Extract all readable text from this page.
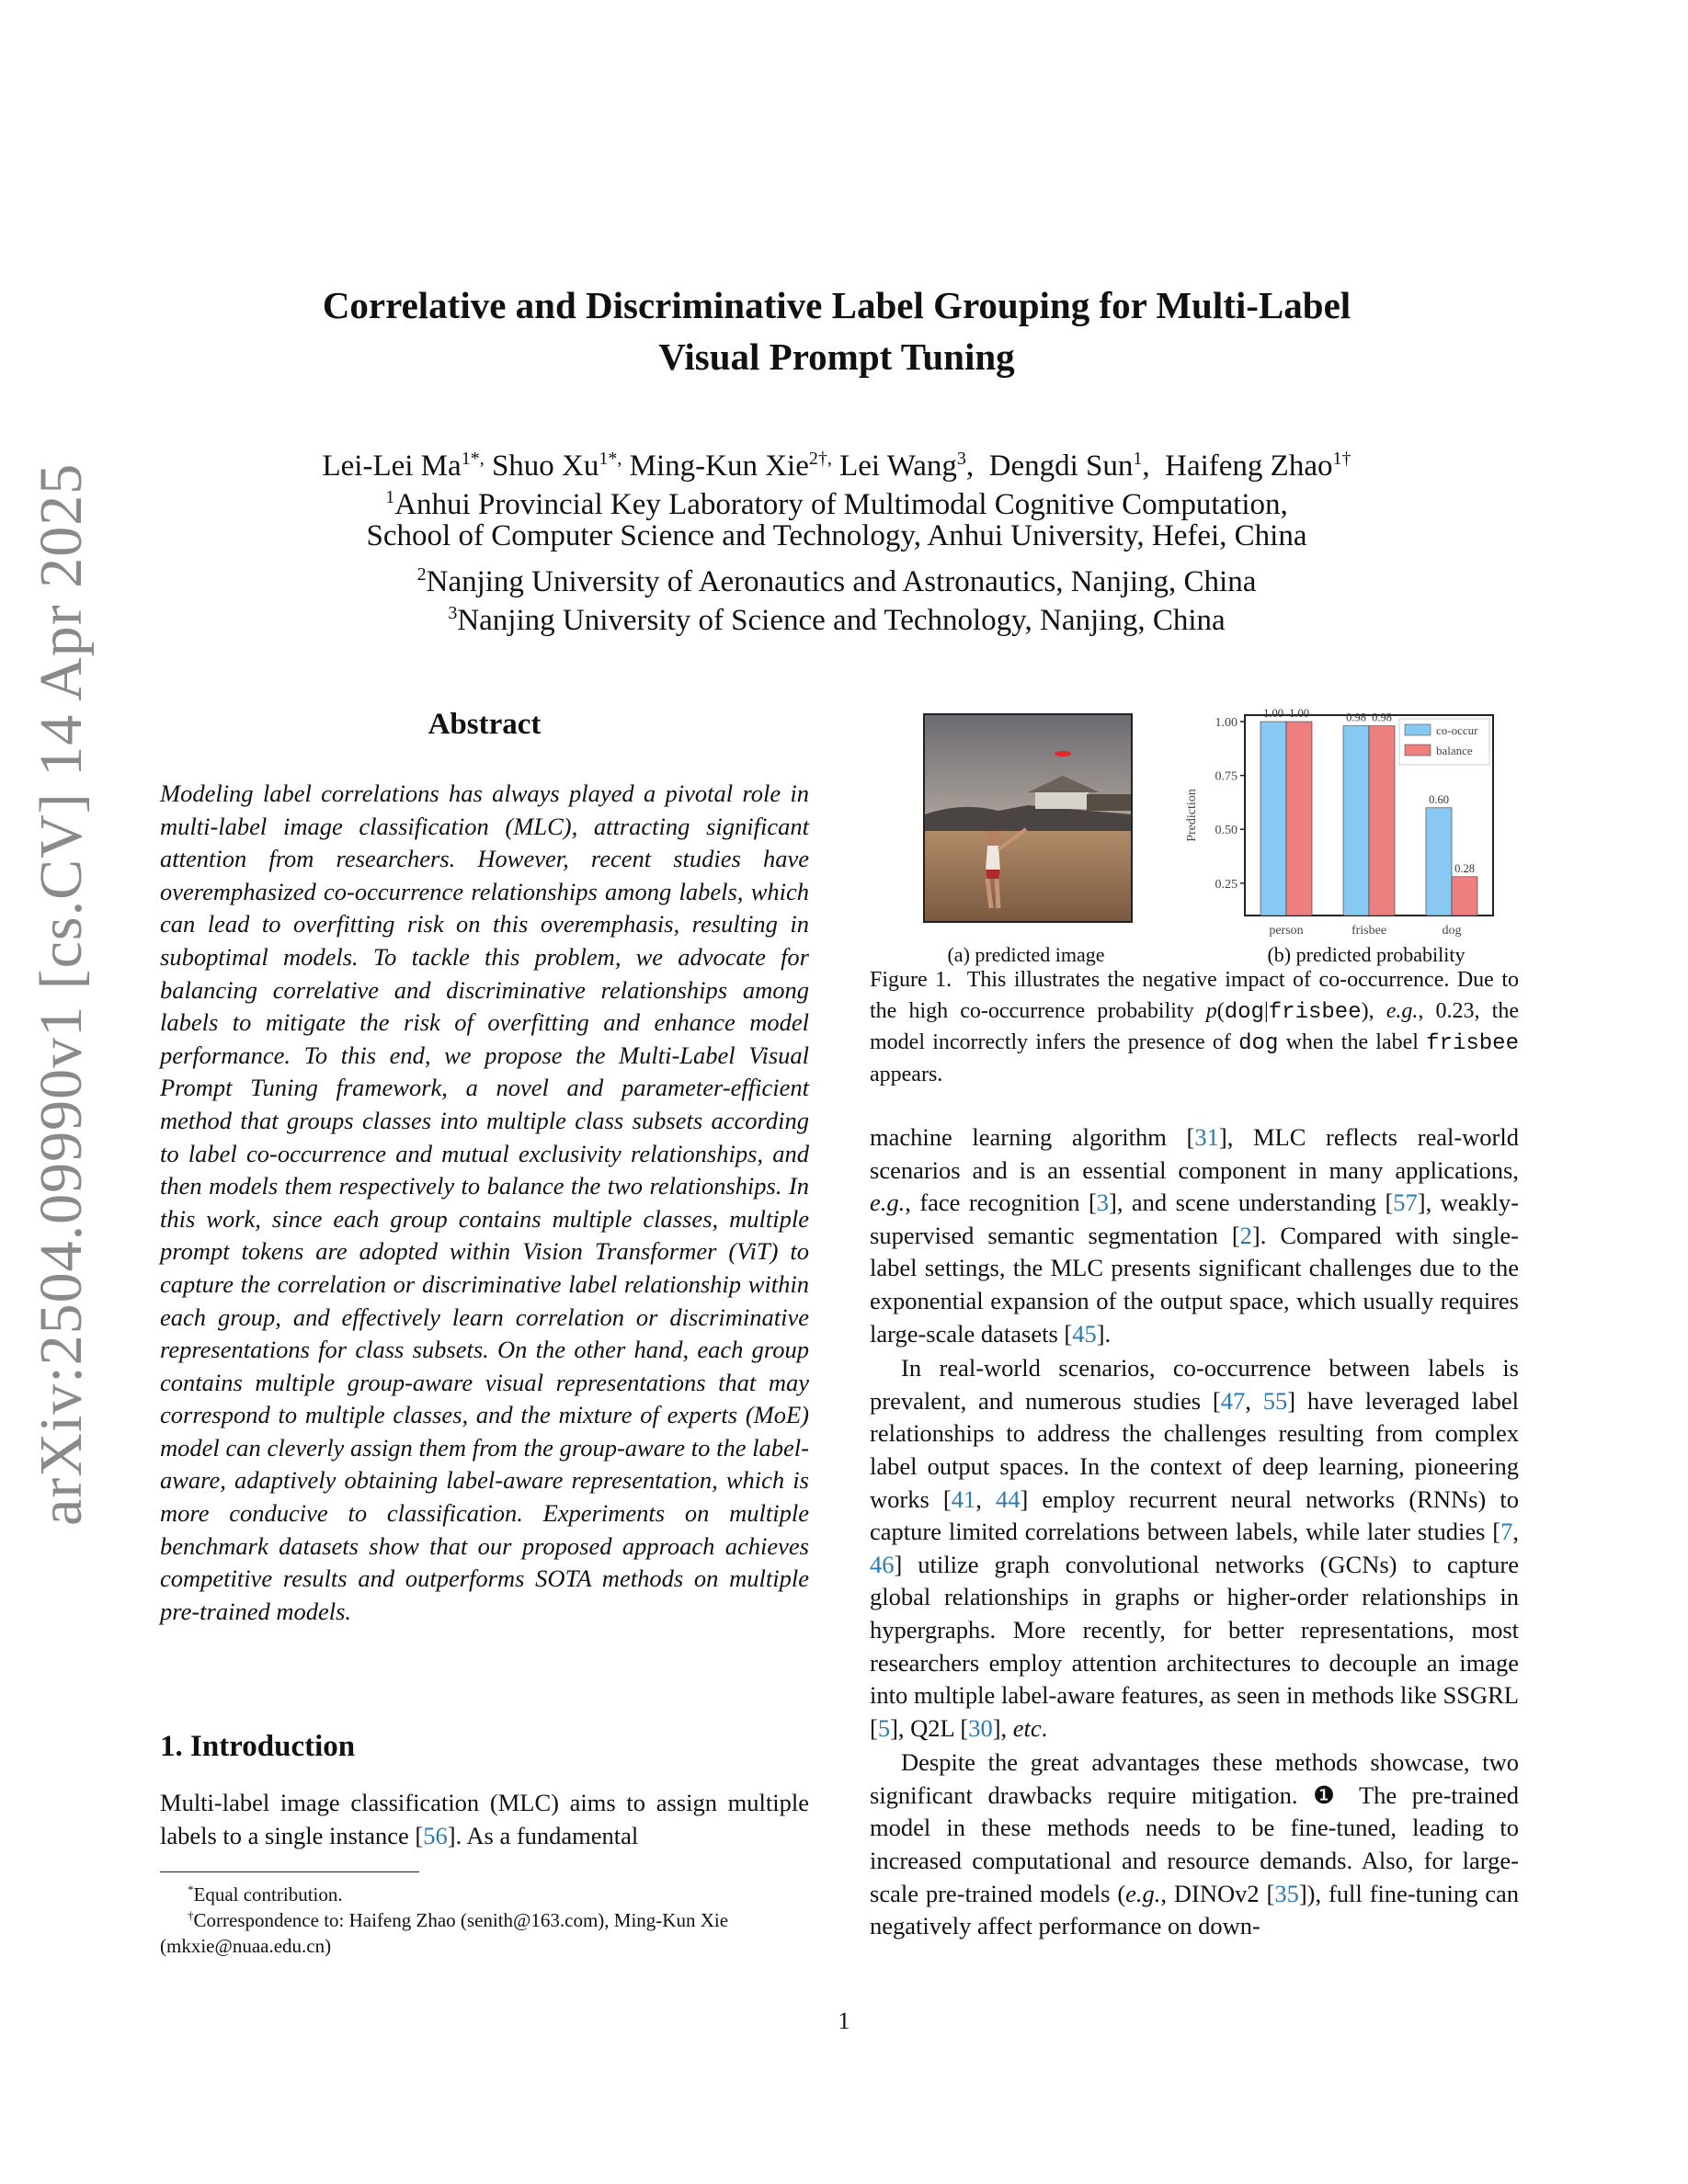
arXiv:2504.09990v1 [cs.CV] 14 Apr 2025
Correlative and Discriminative Label Grouping for Multi-Label
Visual Prompt Tuning
Lei-Lei $Ma^{1*,}$ Shuo $Xu^{1*,}$ Ming-Kun Xie$^{2\dagger,}$ Lei Wang$^3$,  Dengdi Sun$^1$,  Haifeng Zhao$^{1\dagger}$
$^1$Anhui Provincial Key Laboratory of Multimodal Cognitive Computation,
School of Computer Science and Technology, Anhui University, Hefei, China
$^2$Nanjing University of Aeronautics and Astronautics, Nanjing, China
$^3$Nanjing University of Science and Technology, Nanjing, China
Abstract
Modeling label correlations has always played a pivotal role in multi-label image classification (MLC), attracting significant attention from researchers. However, recent studies have overemphasized co-occurrence relationships among labels, which can lead to overfitting risk on this overemphasis, resulting in suboptimal models. To tackle this problem, we advocate for balancing correlative and discriminative relationships among labels to mitigate the risk of overfitting and enhance model performance. To this end, we propose the Multi-Label Visual Prompt Tuning framework, a novel and parameter-efficient method that groups classes into multiple class subsets according to label co-occurrence and mutual exclusivity relationships, and then models them respectively to balance the two relationships. In this work, since each group contains multiple classes, multiple prompt tokens are adopted within Vision Transformer (ViT) to capture the correlation or discriminative label relationship within each group, and effectively learn correlation or discriminative representations for class subsets. On the other hand, each group contains multiple group-aware visual representations that may correspond to multiple classes, and the mixture of experts (MoE) model can cleverly assign them from the group-aware to the label-aware, adaptively obtaining label-aware representation, which is more conducive to classification. Experiments on multiple benchmark datasets show that our proposed approach achieves competitive results and outperforms SOTA methods on multiple pre-trained models.
1. Introduction
Multi-label image classification (MLC) aims to assign multiple labels to a single instance [56]. As a fundamental
*Equal contribution.
†Correspondence to: Haifeng Zhao (senith@163.com), Ming-Kun Xie (mkxie@nuaa.edu.cn)
0.25
0.50
0.75
1.00
Prediction
person
1.00 1.00
frisbee
0.98 0.98
dog
0.60
0.28
co-occur
balance
(a) predicted image	(b) predicted probability
Figure 1. This illustrates the negative impact of co-occurrence. Due to the high co-occurrence probability p(dog|frisbee), e.g., 0.23, the model incorrectly infers the presence of dog when the label frisbee appears.

machine learning algorithm [31], MLC reflects real-world scenarios and is an essential component in many applications, e.g., face recognition [3], and scene understanding [57], weakly-supervised semantic segmentation [2]. Compared with single-label settings, the MLC presents significant challenges due to the exponential expansion of the output space, which usually requires large-scale datasets [45].

In real-world scenarios, co-occurrence between labels is prevalent, and numerous studies [47, 55] have leveraged label relationships to address the challenges resulting from complex label output spaces. In the context of deep learning, pioneering works [41, 44] employ recurrent neural networks (RNNs) to capture limited correlations between labels, while later studies [7, 46] utilize graph convolutional networks (GCNs) to capture global relationships in graphs or higher-order relationships in hypergraphs. More recently, for better representations, most researchers employ attention architectures to decouple an image into multiple label-aware features, as seen in methods like SSGRL [5], Q2L [30], etc.

Despite the great advantages these methods showcase, two significant drawbacks require mitigation. ❶ The pre-trained model in these methods needs to be fine-tuned, leading to increased computational and resource demands. Also, for large-scale pre-trained models (e.g., DINOv2 [35]), full fine-tuning can negatively affect performance on down-

1
